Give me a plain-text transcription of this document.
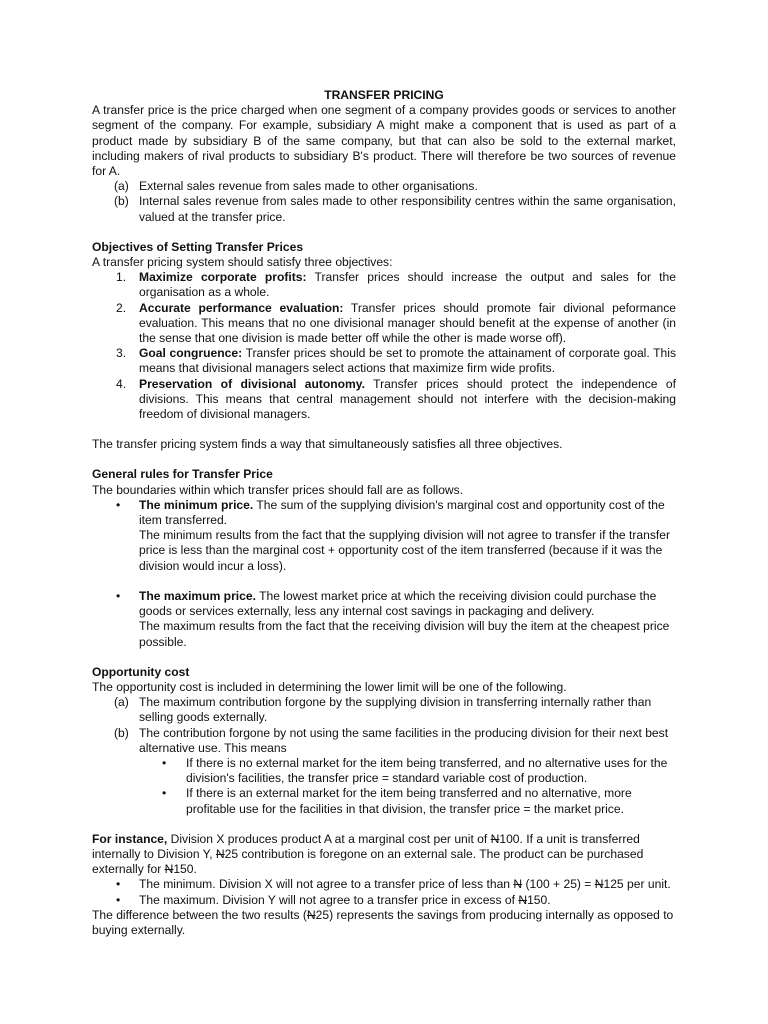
TRANSFER PRICING

A transfer price is the price charged when one segment of a company provides goods or services to another segment of the company. For example, subsidiary A might make a component that is used as part of a product made by subsidiary B of the same company, but that can also be sold to the external market, including makers of rival products to subsidiary B's product. There will therefore be two sources of revenue for A.

(a) External sales revenue from sales made to other organisations.
(b) Internal sales revenue from sales made to other responsibility centres within the same organisation, valued at the transfer price.
Objectives of Setting Transfer Prices

A transfer pricing system should satisfy three objectives:

1. Maximize corporate profits: Transfer prices should increase the output and sales for the organisation as a whole.
2. Accurate performance evaluation: Transfer prices should promote fair divional peformance evaluation. This means that no one divisional manager should benefit at the expense of another (in the sense that one division is made better off while the other is made worse off).
3. Goal congruence: Transfer prices should be set to promote the attainament of corporate goal. This means that divisional managers select actions that maximize firm wide profits.
4. Preservation of divisional autonomy. Transfer prices should protect the independence of divisions. This means that central management should not interfere with the decision-making freedom of divisional managers.

The transfer pricing system finds a way that simultaneously satisfies all three objectives.

General rules for Transfer Price

The boundaries within which transfer prices should fall are as follows.

• The minimum price. The sum of the supplying division's marginal cost and opportunity cost of the item transferred.
The minimum results from the fact that the supplying division will not agree to transfer if the transfer price is less than the marginal cost + opportunity cost of the item transferred (because if it was the division would incur a loss).
• The maximum price. The lowest market price at which the receiving division could purchase the goods or services externally, less any internal cost savings in packaging and delivery.
The maximum results from the fact that the receiving division will buy the item at the cheapest price possible.
Opportunity cost

The opportunity cost is included in determining the lower limit will be one of the following.

(a) The maximum contribution forgone by the supplying division in transferring internally rather than selling goods externally.
(b) The contribution forgone by not using the same facilities in the producing division for their next best alternative use. This means
• If there is no external market for the item being transferred, and no alternative uses for the division's facilities, the transfer price = standard variable cost of production.
• If there is an external market for the item being transferred and no alternative, more profitable use for the facilities in that division, the transfer price = the market price.

For instance, Division X produces product A at a marginal cost per unit of N100. If a unit is transferred internally to Division Y, N25 contribution is foregone on an external sale. The product can be purchased externally for N150.

• The minimum. Division X will not agree to a transfer price of less than N (100 + 25) = N125 per unit.
• The maximum. Division Y will not agree to a transfer price in excess of N150.

The difference between the two results (N25) represents the savings from producing internally as opposed to buying externally.
